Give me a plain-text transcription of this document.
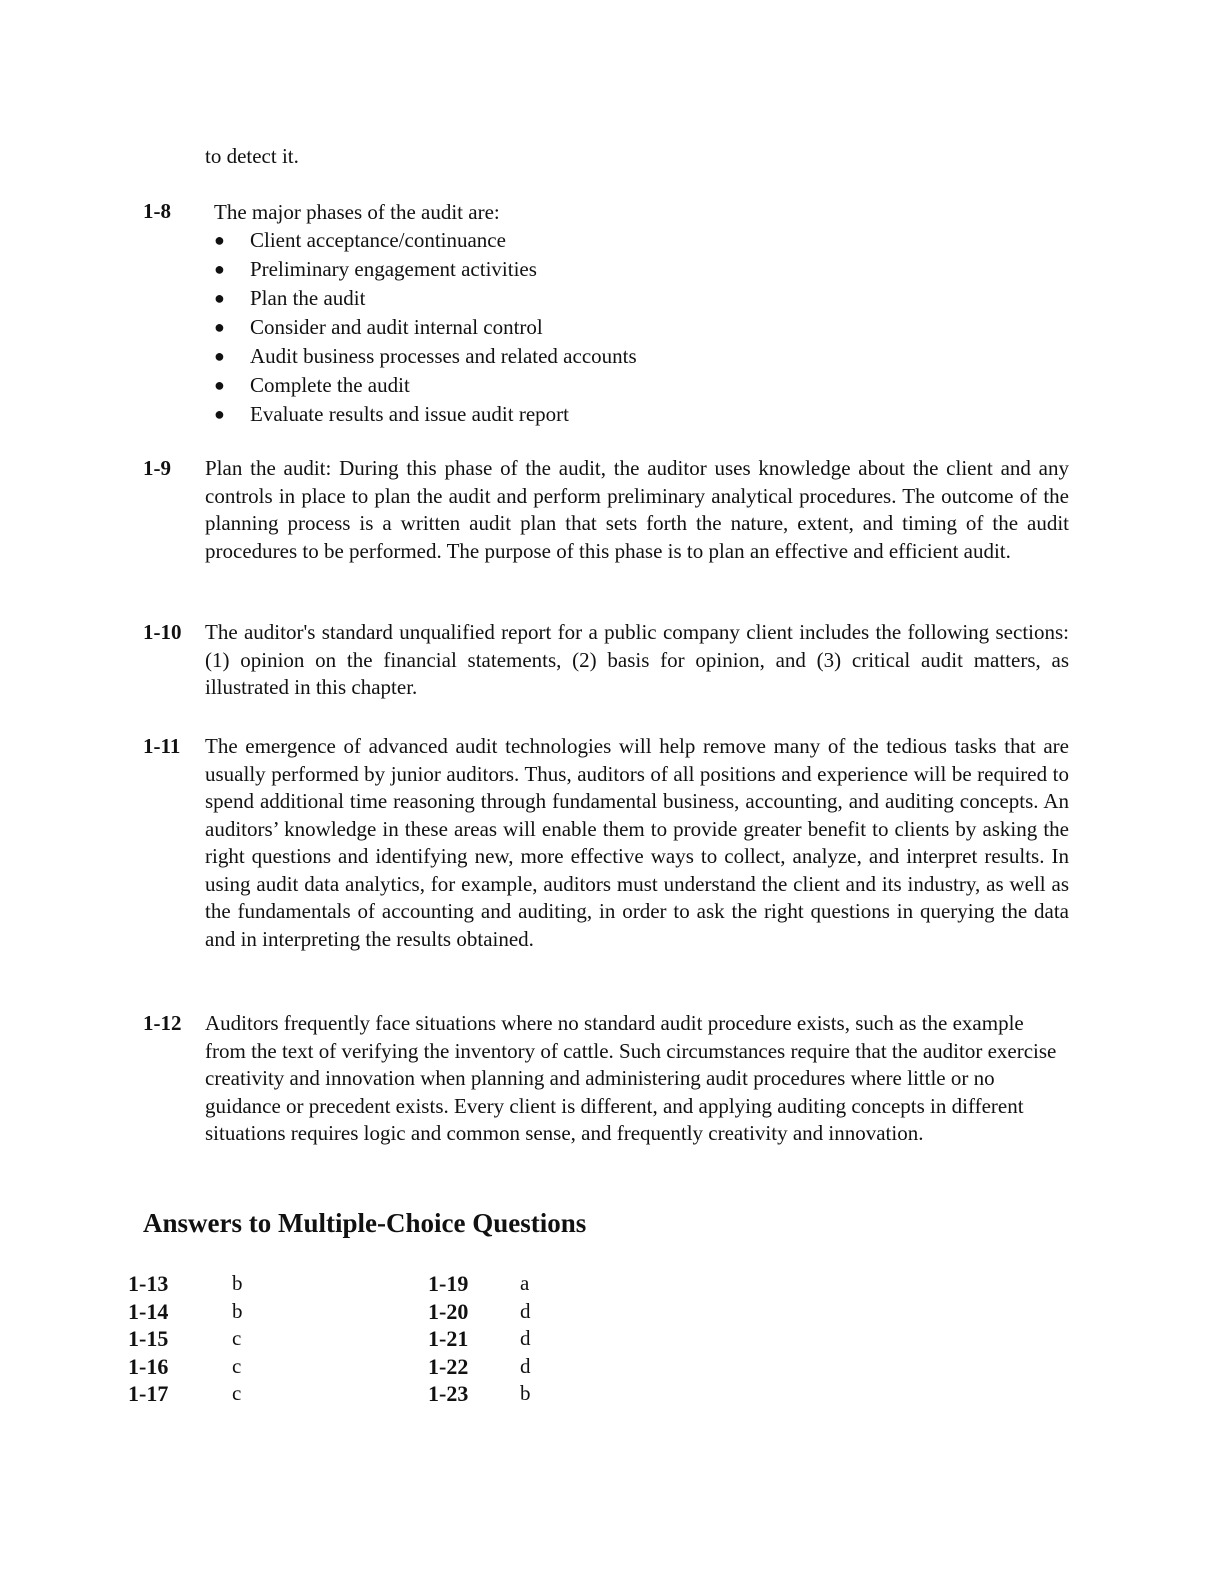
to detect it.
1-8 The major phases of the audit are:
● Client acceptance/continuance
● Preliminary engagement activities
● Plan the audit
● Consider and audit internal control
● Audit business processes and related accounts
● Complete the audit
● Evaluate results and issue audit report
1-9 Plan the audit: During this phase of the audit, the auditor uses knowledge about the client and any controls in place to plan the audit and perform preliminary analytical procedures. The outcome of the planning process is a written audit plan that sets forth the nature, extent, and timing of the audit procedures to be performed. The purpose of this phase is to plan an effective and efficient audit.
1-10 The auditor's standard unqualified report for a public company client includes the following sections: (1) opinion on the financial statements, (2) basis for opinion, and (3) critical audit matters, as illustrated in this chapter.
1-11 The emergence of advanced audit technologies will help remove many of the tedious tasks that are usually performed by junior auditors. Thus, auditors of all positions and experience will be required to spend additional time reasoning through fundamental business, accounting, and auditing concepts. An auditors’ knowledge in these areas will enable them to provide greater benefit to clients by asking the right questions and identifying new, more effective ways to collect, analyze, and interpret results. In using audit data analytics, for example, auditors must understand the client and its industry, as well as the fundamentals of accounting and auditing, in order to ask the right questions in querying the data and in interpreting the results obtained.
1-12 Auditors frequently face situations where no standard audit procedure exists, such as the example from the text of verifying the inventory of cattle. Such circumstances require that the auditor exercise creativity and innovation when planning and administering audit procedures where little or no guidance or precedent exists. Every client is different, and applying auditing concepts in different situations requires logic and common sense, and frequently creativity and innovation.
Answers to Multiple-Choice Questions
1-13	b	1-19	a
1-14	b	1-20	d
1-15	c	1-21	d
1-16	c	1-22	d
1-17	c	1-23	b
